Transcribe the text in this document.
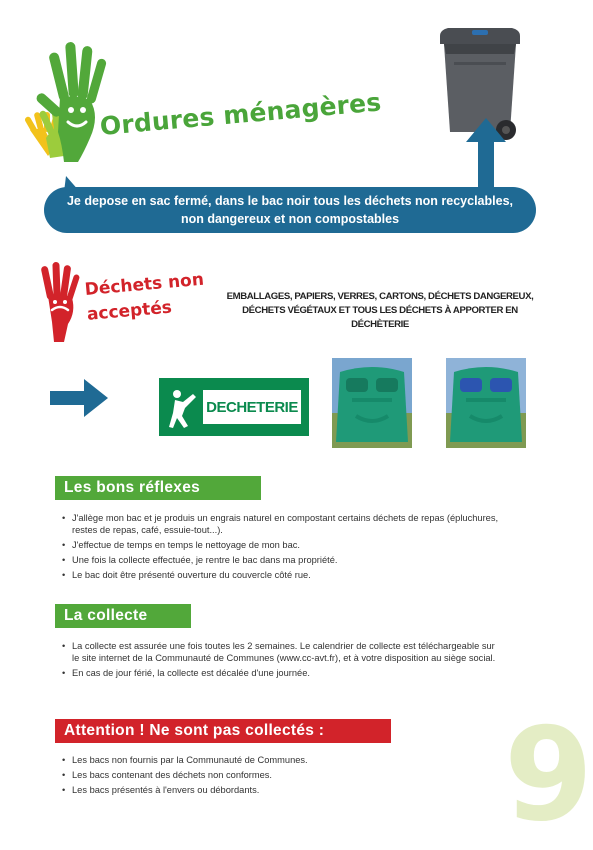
Ordures ménagères
Je depose en sac fermé, dans le bac noir tous les déchets non recyclables, non dangereux et non compostables
Déchets non acceptés
EMBALLAGES, PAPIERS, VERRES, CARTONS, DÉCHETS DANGEREUX, DÉCHETS VÉGÉTAUX ET TOUS LES DÉCHETS À APPORTER EN DÉCHÈTERIE
DECHETERIE
Les bons réflexes
• J'allège mon bac et je produis un engrais naturel en compostant certains déchets de repas (épluchures, restes de repas, café, essuie-tout...).
• J'effectue de temps en temps le nettoyage de mon bac.
• Une fois la collecte effectuée, je rentre le bac dans ma propriété.
• Le bac doit être présenté ouverture du couvercle côté rue.
La collecte
• La collecte est assurée une fois toutes les 2 semaines. Le calendrier de collecte est téléchargeable sur le site internet de la Communauté de Communes (www.cc-avt.fr), et à votre disposition au siège social.
• En cas de jour férié, la collecte est décalée d'une journée.
Attention ! Ne sont pas collectés :
• Les bacs non fournis par la Communauté de Communes.
• Les bacs contenant des déchets non conformes.
• Les bacs présentés à l'envers ou débordants.	9
